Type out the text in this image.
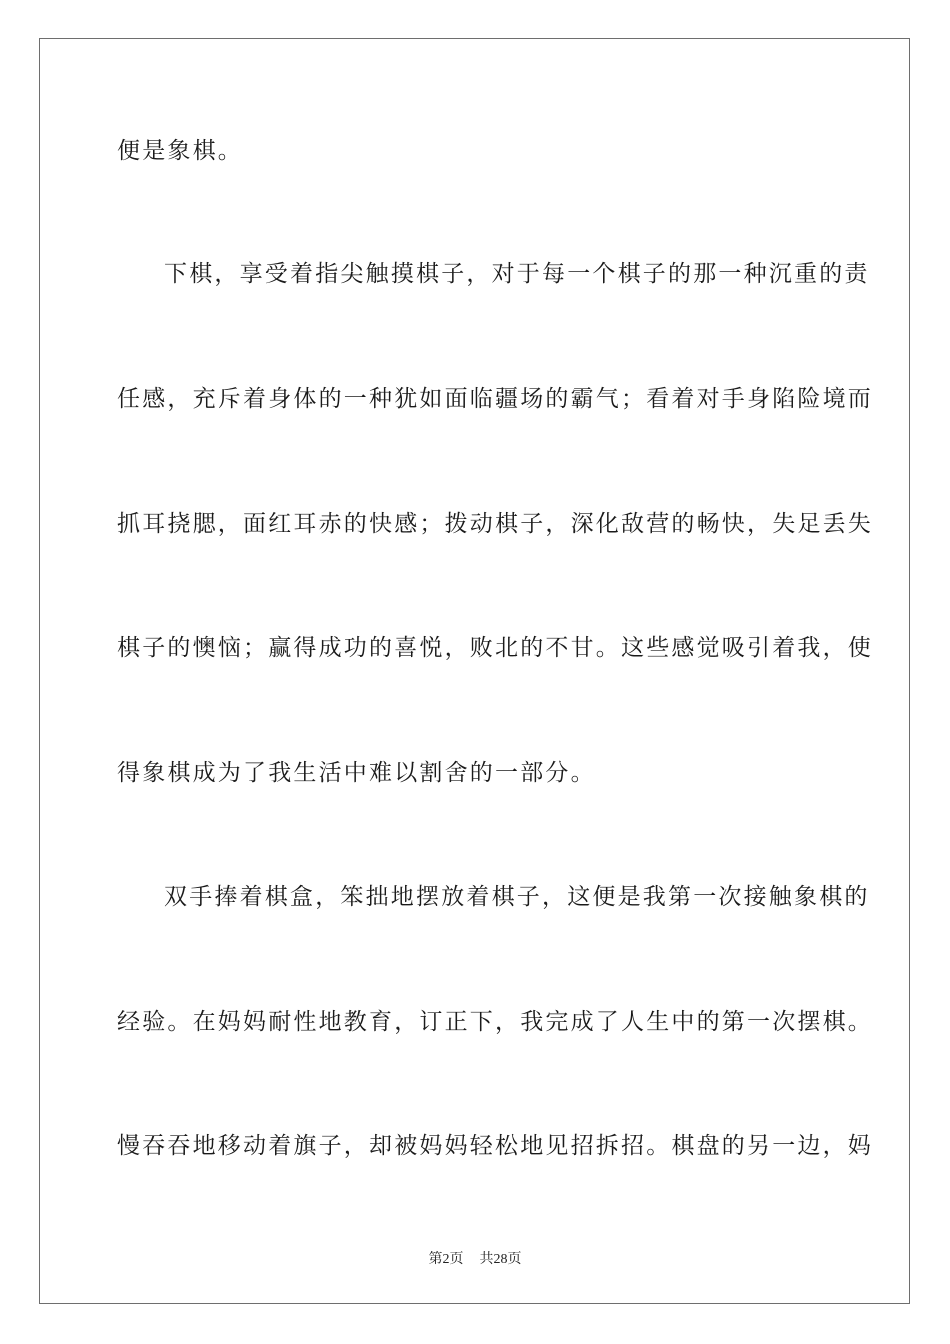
便是象棋。
下棋，享受着指尖触摸棋子，对于每一个棋子的那一种沉重的责
任感，充斥着身体的一种犹如面临疆场的霸气；看着对手身陷险境而
抓耳挠腮，面红耳赤的快感；拨动棋子，深化敌营的畅快，失足丢失
棋子的懊恼；赢得成功的喜悦，败北的不甘。这些感觉吸引着我，使
得象棋成为了我生活中难以割舍的一部分。
双手捧着棋盒，笨拙地摆放着棋子，这便是我第一次接触象棋的
经验。在妈妈耐性地教育，订正下，我完成了人生中的第一次摆棋。
慢吞吞地移动着旗子，却被妈妈轻松地见招拆招。棋盘的另一边，妈
第2页 共28页
